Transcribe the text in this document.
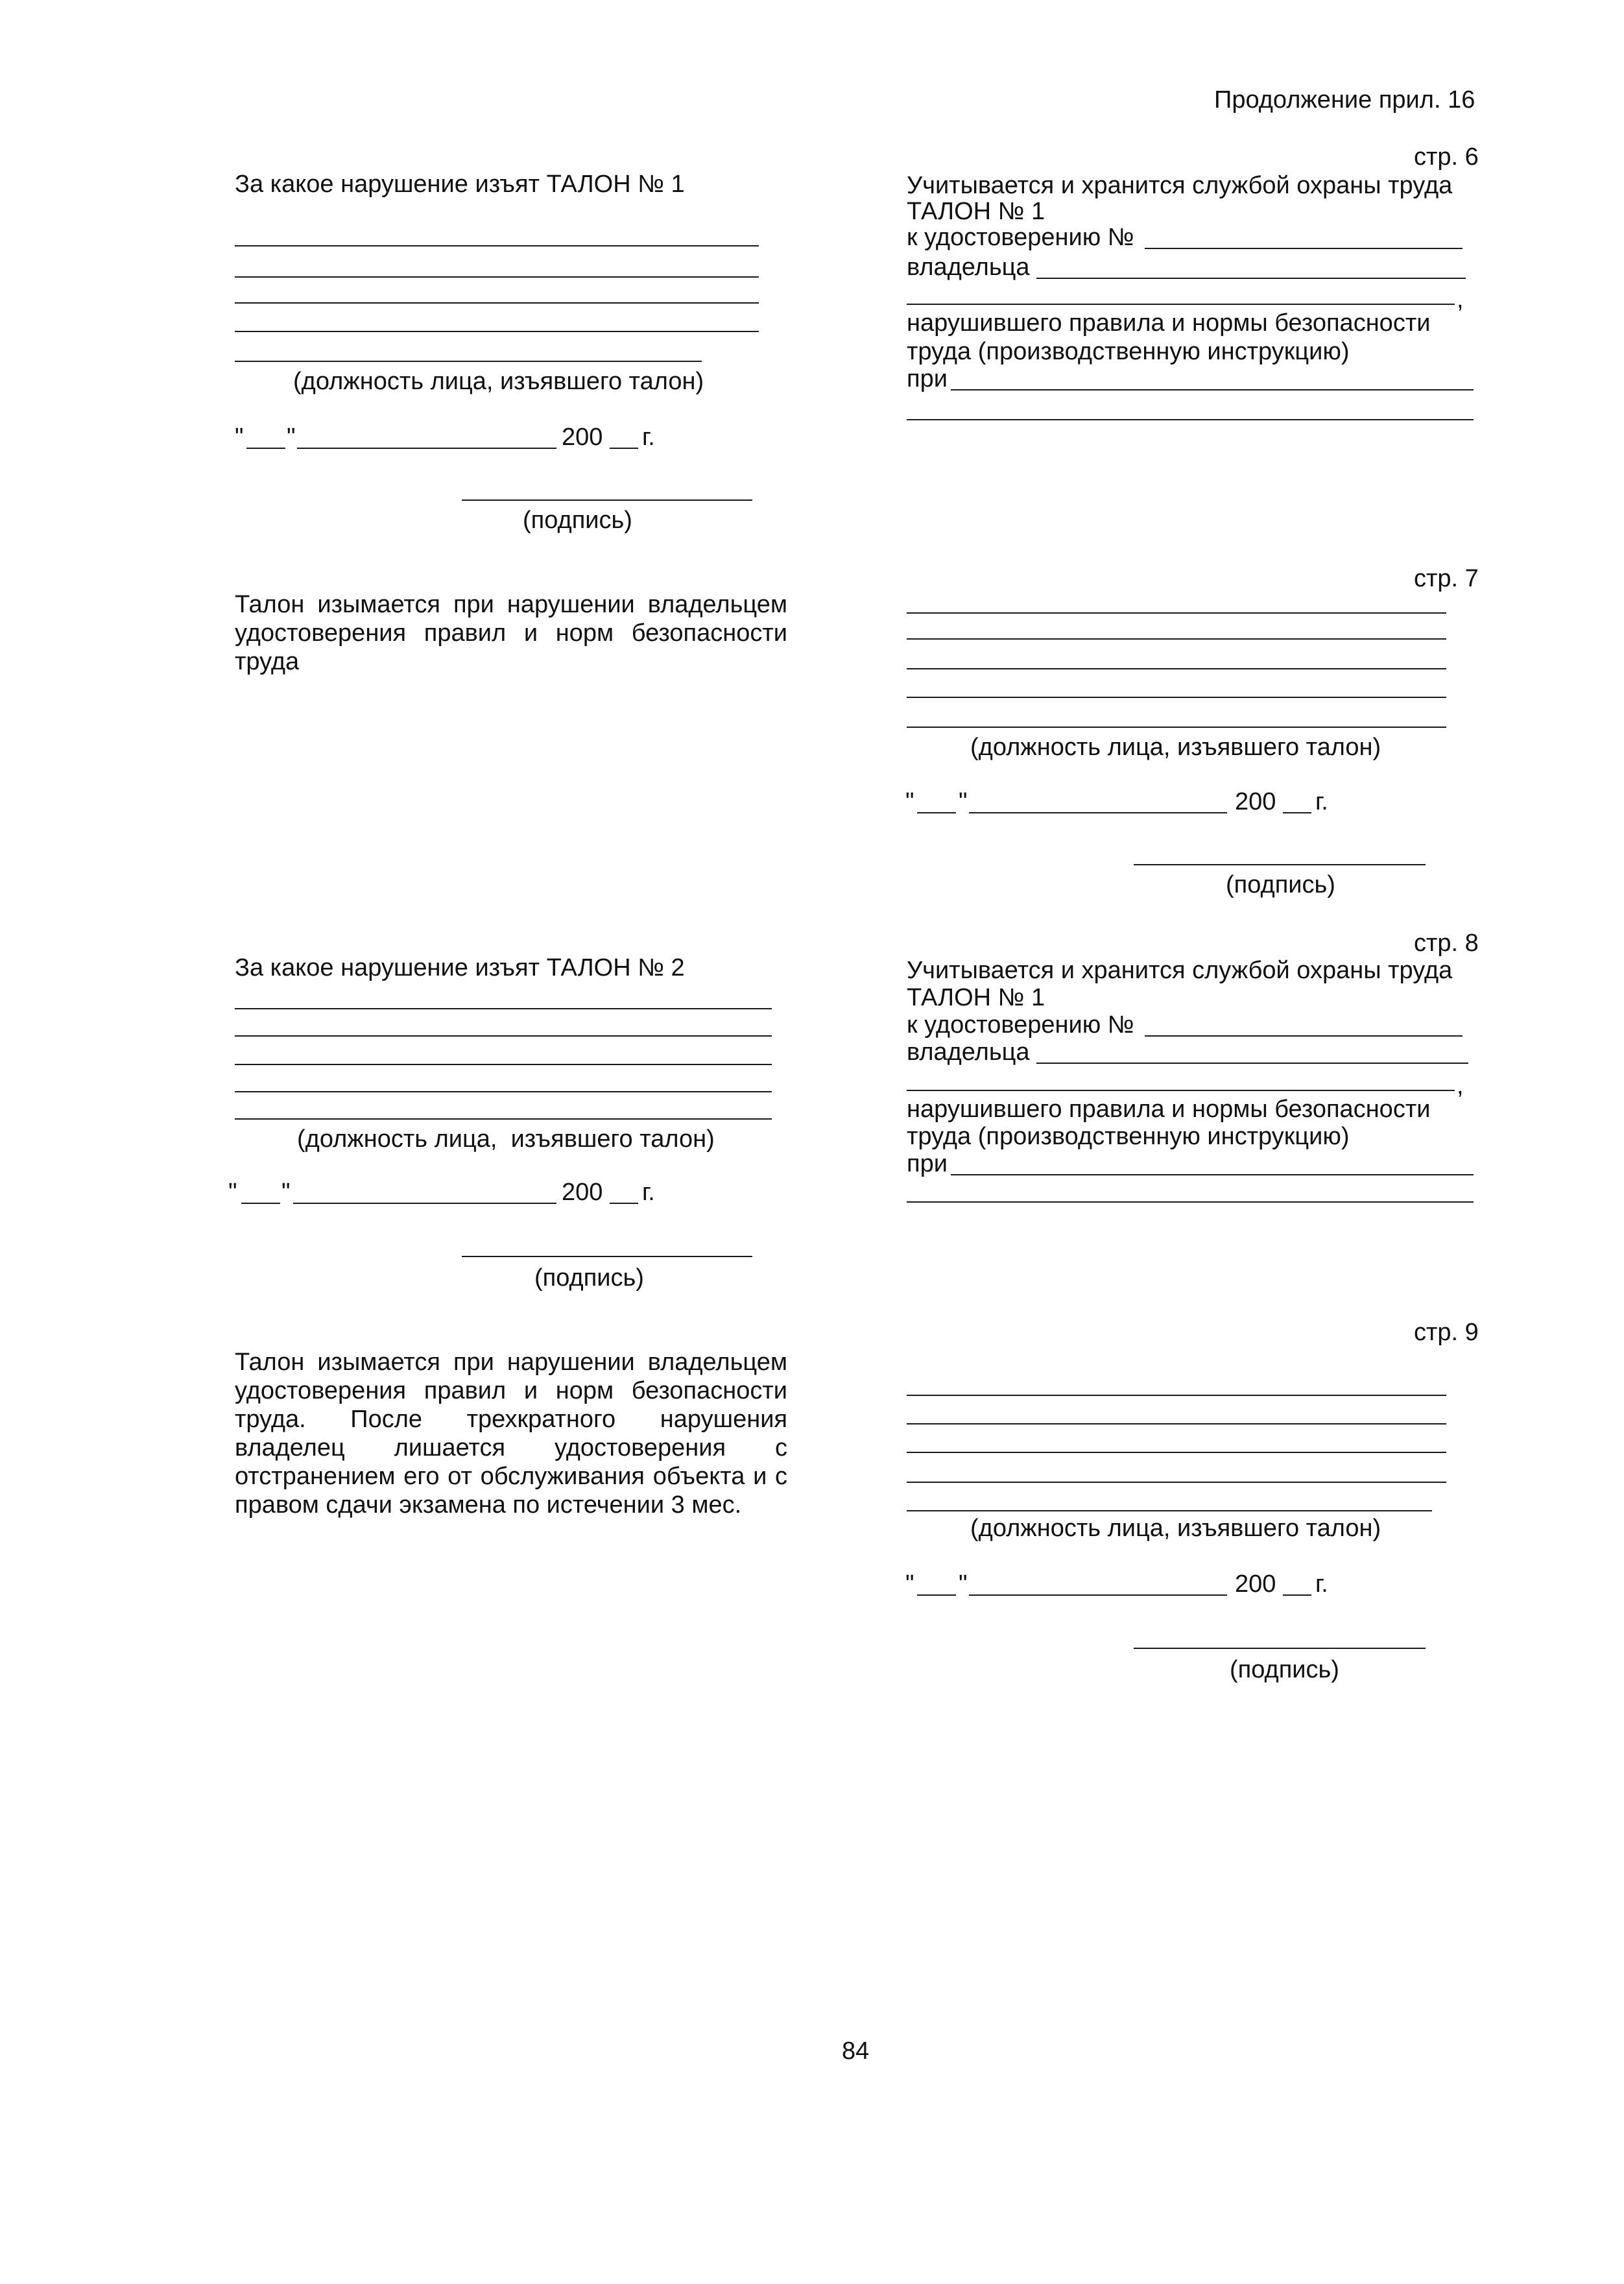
Продолжение прил. 16
стр. 6
Учитывается и хранится службой охраны труда
ТАЛОН № 1
к удостоверению №
владельца
,
нарушившего правила и нормы безопасности
труда (производственную инструкцию)
при
За какое нарушение изъят ТАЛОН № 1
(должность лица, изъявшего талон)
" "	200 г.
(подпись)
Талон изымается при нарушении владельцем удостоверения правил и норм безопасности труда
стр. 7
(должность лица, изъявшего талон)
" "	200 г.
(подпись)
стр. 8
Учитывается и хранится службой охраны труда
ТАЛОН № 1
к удостоверению №
владельца
,
нарушившего правила и нормы безопасности
труда (производственную инструкцию)
при
За какое нарушение изъят ТАЛОН № 2
(должность лица,  изъявшего талон)
" "	200 г.
(подпись)
Талон изымается при нарушении владельцем удостоверения правил и норм безопасности труда. После трехкратного нарушения владелец лишается удостоверения с отстранением его от обслуживания объекта и с правом сдачи экзамена по истечении 3 мес.
стр. 9
(должность лица, изъявшего талон)
" "	200 г.
(подпись)
84
